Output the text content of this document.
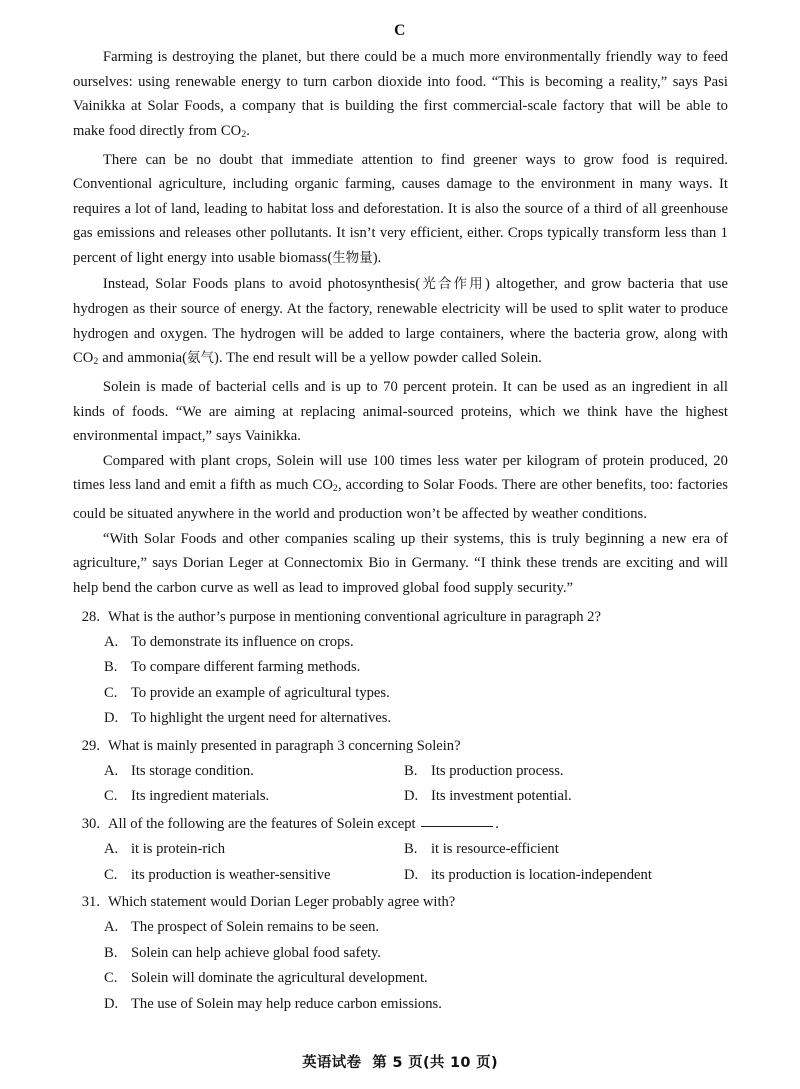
C

Farming is destroying the planet, but there could be a much more environmentally friendly way to feed ourselves: using renewable energy to turn carbon dioxide into food. “This is becoming a reality,” says Pasi Vainikka at Solar Foods, a company that is building the first commercial-scale factory that will be able to make food directly from $CO_2$.

There can be no doubt that immediate attention to find greener ways to grow food is required. Conventional agriculture, including organic farming, causes damage to the environment in many ways. It requires a lot of land, leading to habitat loss and deforestation. It is also the source of a third of all greenhouse gas emissions and releases other pollutants. It isn’t very efficient, either. Crops typically transform less than 1 percent of light energy into usable biomass(生物量).

Instead, Solar Foods plans to avoid photosynthesis(光合作用) altogether, and grow bacteria that use hydrogen as their source of energy. At the factory, renewable electricity will be used to split water to produce hydrogen and oxygen. The hydrogen will be added to large containers, where the bacteria grow, along with $CO_2$ and ammonia(氨气). The end result will be a yellow powder called Solein.

Solein is made of bacterial cells and is up to 70 percent protein. It can be used as an ingredient in all kinds of foods. “We are aiming at replacing animal-sourced proteins, which we think have the highest environmental impact,” says Vainikka.

Compared with plant crops, Solein will use 100 times less water per kilogram of protein produced, 20 times less land and emit a fifth as much $CO_2$, according to Solar Foods. There are other benefits, too: factories could be situated anywhere in the world and production won’t be affected by weather conditions.

“With Solar Foods and other companies scaling up their systems, this is truly beginning a new era of agriculture,” says Dorian Leger at Connectomix Bio in Germany. “I think these trends are exciting and will help bend the carbon curve as well as lead to improved global food supply security.”

28. What is the author’s purpose in mentioning conventional agriculture in paragraph 2?
A. To demonstrate its influence on crops.
B. To compare different farming methods.
C. To provide an example of agricultural types.
D. To highlight the urgent need for alternatives.
29. What is mainly presented in paragraph 3 concerning Solein?
A. Its storage condition.	B. Its production process.
C. Its ingredient materials.	D. Its investment potential.
30. All of the following are the features of Solein except	.
A. it is protein-rich	B. it is resource-efficient
C. its production is weather-sensitive	D. its production is location-independent
31. Which statement would Dorian Leger probably agree with?
A. The prospect of Solein remains to be seen.
B. Solein can help achieve global food safety.
C. Solein will dominate the agricultural development.
D. The use of Solein may help reduce carbon emissions.
英语试卷 第 5 页(共 10 页)
